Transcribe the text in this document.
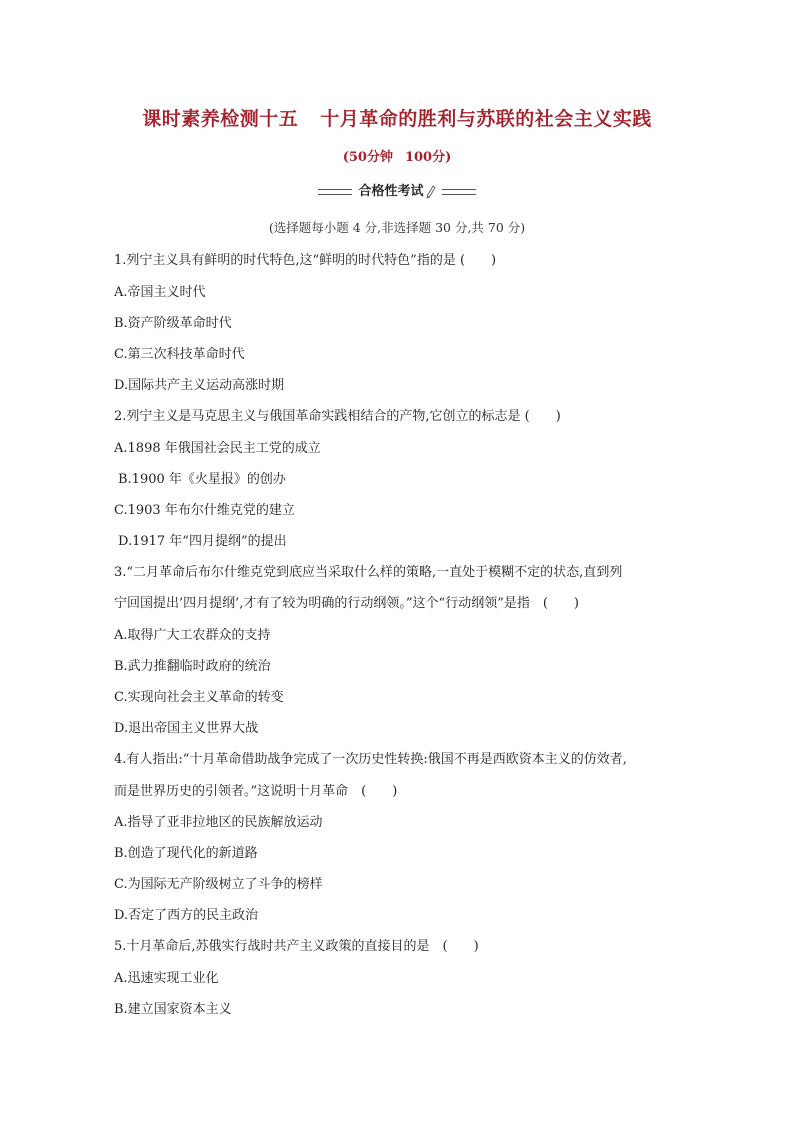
课时素养检测十五 十月革命的胜利与苏联的社会主义实践
(50分钟 100分)
合格性考试
(选择题每小题 4 分,非选择题 30 分,共 70 分)
1.列宁主义具有鲜明的时代特色,这“鲜明的时代特色”指的是 (　　)
A.帝国主义时代
B.资产阶级革命时代
C.第三次科技革命时代
D.国际共产主义运动高涨时期
2.列宁主义是马克思主义与俄国革命实践相结合的产物,它创立的标志是 (　　)
A.1898 年俄国社会民主工党的成立
B.1900 年《火星报》的创办
C.1903 年布尔什维克党的建立
D.1917 年“四月提纲”的提出
3.“二月革命后布尔什维克党到底应当采取什么样的策略,一直处于模糊不定的状态,直到列
宁回国提出’四月提纲’,才有了较为明确的行动纲领。”这个“行动纲领”是指　(　　)
A.取得广大工农群众的支持
B.武力推翻临时政府的统治
C.实现向社会主义革命的转变
D.退出帝国主义世界大战
4.有人指出:“十月革命借助战争完成了一次历史性转换:俄国不再是西欧资本主义的仿效者,
而是世界历史的引领者。”这说明十月革命　(　　)
A.指导了亚非拉地区的民族解放运动
B.创造了现代化的新道路
C.为国际无产阶级树立了斗争的榜样
D.否定了西方的民主政治
5.十月革命后,苏俄实行战时共产主义政策的直接目的是　(　　)
A.迅速实现工业化
B.建立国家资本主义
